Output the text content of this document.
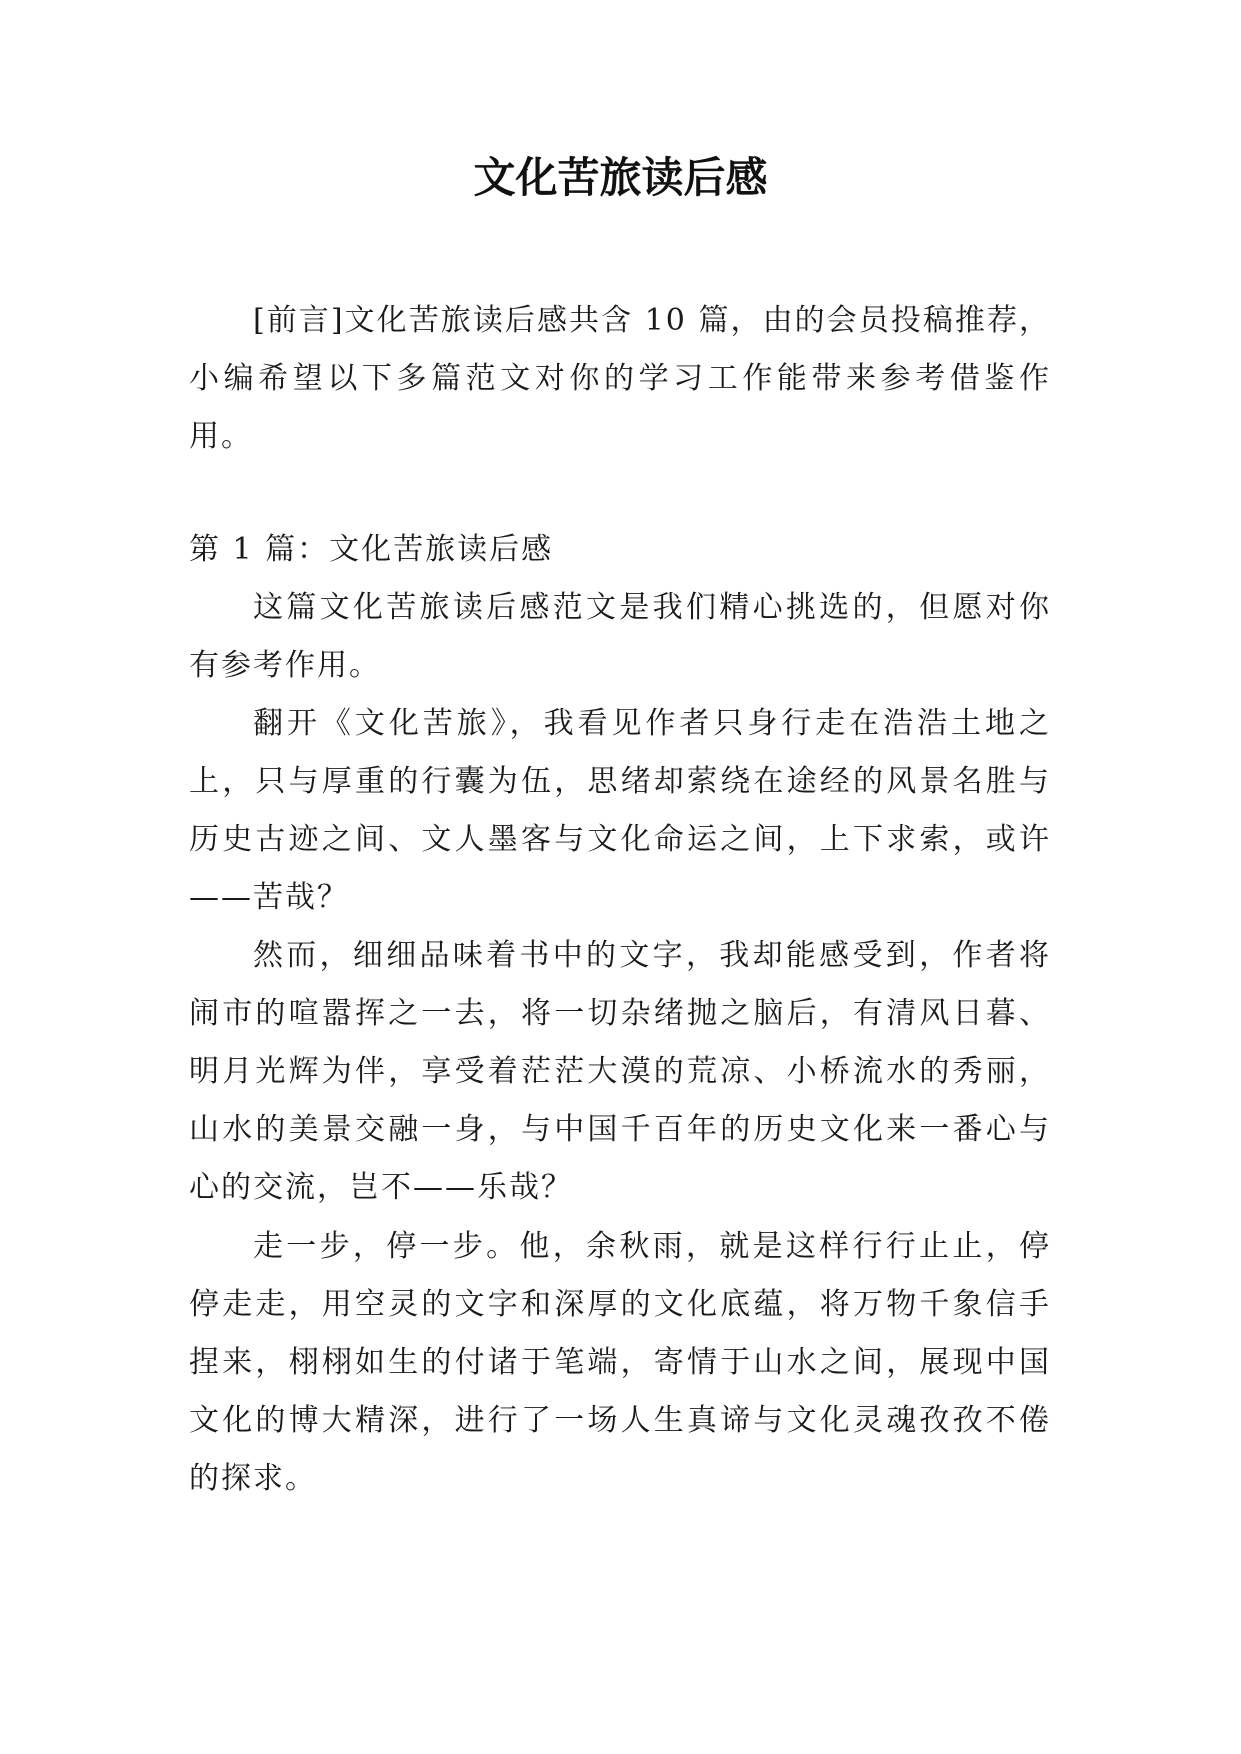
文化苦旅读后感

[前言]文化苦旅读后感共含 10 篇，由的会员投稿推荐，小编希望以下多篇范文对你的学习工作能带来参考借鉴作用。

第 1 篇：文化苦旅读后感

这篇文化苦旅读后感范文是我们精心挑选的，但愿对你有参考作用。

翻开《文化苦旅》，我看见作者只身行走在浩浩土地之上，只与厚重的行囊为伍，思绪却萦绕在途经的风景名胜与历史古迹之间、文人墨客与文化命运之间，上下求索，或许——苦哉？

然而，细细品味着书中的文字，我却能感受到，作者将闹市的喧嚣挥之一去，将一切杂绪抛之脑后，有清风日暮、明月光辉为伴，享受着茫茫大漠的荒凉、小桥流水的秀丽，山水的美景交融一身，与中国千百年的历史文化来一番心与心的交流，岂不——乐哉？

走一步，停一步。他，余秋雨，就是这样行行止止，停停走走，用空灵的文字和深厚的文化底蕴，将万物千象信手捏来，栩栩如生的付诸于笔端，寄情于山水之间，展现中国文化的博大精深，进行了一场人生真谛与文化灵魂孜孜不倦的探求。
